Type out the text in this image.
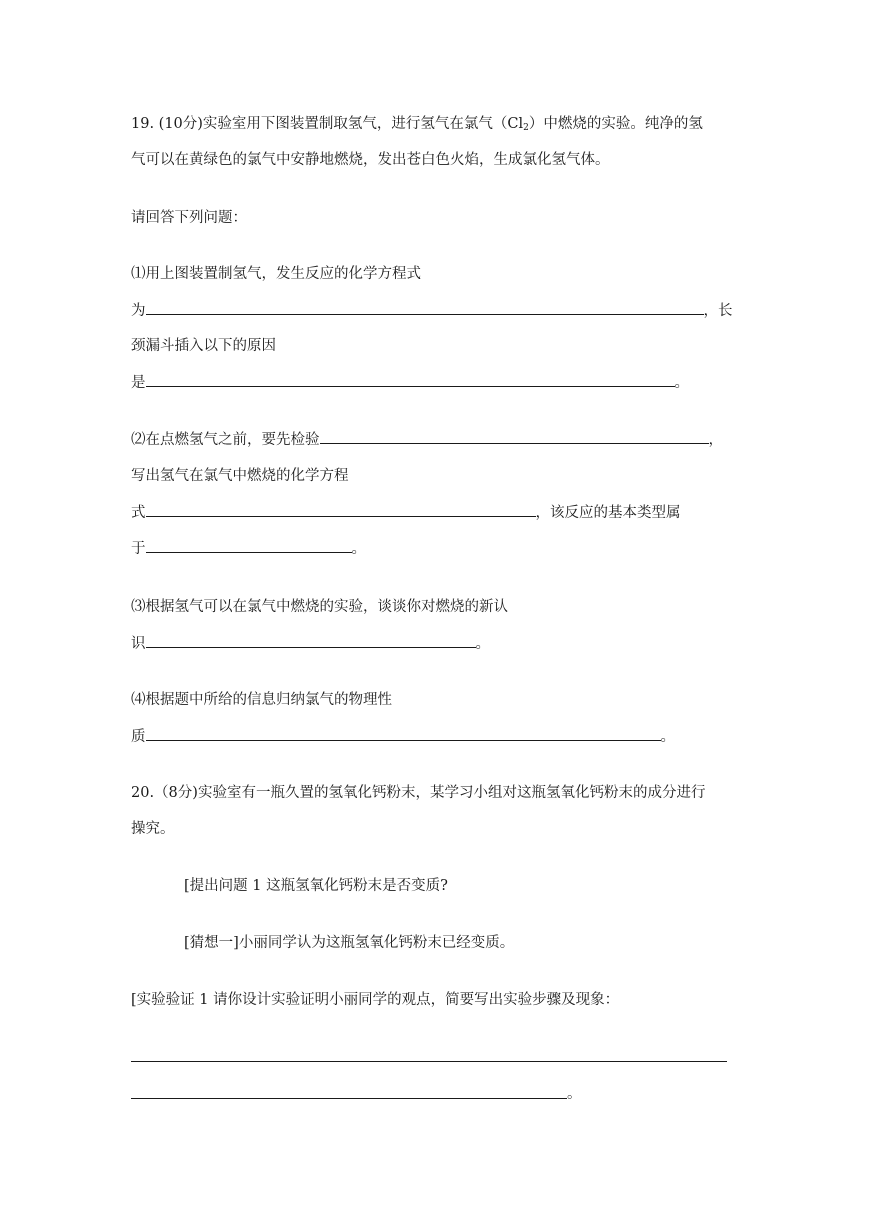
19. (10分)实验室用下图装置制取氢气，进行氢气在氯气$(Cl_2)$中燃烧的实验。纯净的氢
气可以在黄绿色的氯气中安静地燃烧，发出苍白色火焰，生成氯化氢气体。
请回答下列问题：
⑴用上图装置制氢气，发生反应的化学方程式
为	，长
颈漏斗插入以下的原因
是	。
⑵在点燃氢气之前，要先检验	，
写出氢气在氯气中燃烧的化学方程
式	，该反应的基本类型属
于	。
⑶根据氢气可以在氯气中燃烧的实验，谈谈你对燃烧的新认
识	。
⑷根据题中所给的信息归纳氯气的物理性
质	。
20.（8分)实验室有一瓶久置的氢氧化钙粉末，某学习小组对这瓶氢氧化钙粉末的成分进行
操究。
[提出问题 1 这瓶氢氧化钙粉末是否变质?
[猜想一]小丽同学认为这瓶氢氧化钙粉末已经变质。
[实验验证 1 请你设计实验证明小丽同学的观点，简要写出实验步骤及现象：
。
